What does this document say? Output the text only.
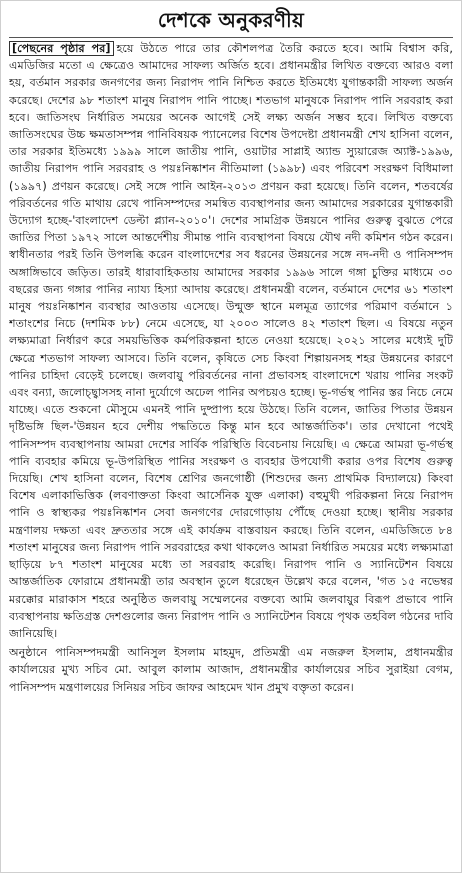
দেশকে অনুকরণীয়

[পেছনের পৃষ্ঠার পর] হয়ে উঠতে পারে তার কৌশলপত্র তৈরি করতে হবে। আমি বিশ্বাস করি, এমডিজির মতো এ ক্ষেত্রেও আমাদের সাফল্য অর্জিত হবে। প্রধানমন্ত্রীর লিখিত বক্তব্যে আরও বলা হয়, বর্তমান সরকার জনগণের জন্য নিরাপদ পানি নিশ্চিত করতে ইতিমধ্যে যুগান্তকারী সাফল্য অর্জন করেছে। দেশের ৯৮ শতাংশ মানুষ নিরাপদ পানি পাচ্ছে। শতভাগ মানুষকে নিরাপদ পানি সরবরাহ করা হবে। জাতিসংঘ নির্ধারিত সময়ের অনেক আগেই সেই লক্ষ্য অর্জন সম্ভব হবে। লিখিত বক্তব্যে জাতিসংঘের উচ্চ ক্ষমতাসম্পন্ন পানিবিষয়ক প্যানেলের বিশেষ উপদেষ্টা প্রধানমন্ত্রী শেখ হাসিনা বলেন, তার সরকার ইতিমধ্যে ১৯৯৯ সালে জাতীয় পানি, ওয়াটার সাপ্লাই অ্যান্ড স্যুয়ারেজ অ্যাক্ট-১৯৯৬, জাতীয় নিরাপদ পানি সরবরাহ ও পয়ঃনিষ্কাশন নীতিমালা (১৯৯৮) এবং পরিবেশ সংরক্ষণ বিধিমালা (১৯৯৭) প্রণয়ন করেছে। সেই সঙ্গে পানি আইন-২০১৩ প্রণয়ন করা হয়েছে। তিনি বলেন, শতবর্ষের পরিবর্তনের গতি মাথায় রেখে পানিসম্পদের সমন্বিত ব্যবস্থাপনার জন্য আমাদের সরকারের যুগান্তকারী উদ্যোগ হচ্ছে-'বাংলাদেশ ডেল্টা প্ল্যান-২০১০'। দেশের সামগ্রিক উন্নয়নে পানির গুরুত্ব বুঝতে পেরে জাতির পিতা ১৯৭২ সালে আন্তর্দেশীয় সীমান্ত পানি ব্যবস্থাপনা বিষয়ে যৌথ নদী কমিশন গঠন করেন। স্বাধীনতার পরই তিনি উপলব্ধি করেন বাংলাদেশের সব ধরনের উন্নয়নের সঙ্গে নদ-নদী ও পানিসম্পদ অঙ্গাঙ্গিভাবে জড়িত। তারই ধারাবাহিকতায় আমাদের সরকার ১৯৯৬ সালে গঙ্গা চুক্তির মাধ্যমে ৩০ বছরের জন্য গঙ্গার পানির ন্যায্য হিস্যা আদায় করেছে। প্রধানমন্ত্রী বলেন, বর্তমানে দেশের ৬১ শতাংশ মানুষ পয়ঃনিষ্কাশন ব্যবস্থার আওতায় এসেছে। উন্মুক্ত স্থানে মলমূত্র ত্যাগের পরিমাণ বর্তমানে ১ শতাংশের নিচে (দশমিক ৮৮) নেমে এসেছে, যা ২০০৩ সালেও ৪২ শতাংশ ছিল। এ বিষয়ে নতুন লক্ষ্যমাত্রা নির্ধারণ করে সময়ভিত্তিক কর্মপরিকল্পনা হাতে নেওয়া হয়েছে। ২০২১ সালের মধ্যেই দুটি ক্ষেত্রে শতভাগ সাফল্য আসবে। তিনি বলেন, কৃষিতে সেচ কিংবা শিল্পায়নসহ শহর উন্নয়নের কারণে পানির চাহিদা বেড়েই চলেছে। জলবায়ু পরিবর্তনের নানা প্রভাবসহ বাংলাদেশে খরায় পানির সংকট এবং বন্যা, জলোচ্ছ্বাসসহ নানা দুর্যোগে অঢেল পানির অপচয়ও হচ্ছে। ভূ-গর্ভস্থ পানির স্তর নিচে নেমে যাচ্ছে। এতে শুকনো মৌসুমে এমনই পানি দুষ্প্রাপ্য হয়ে উঠছে। তিনি বলেন, জাতির পিতার উন্নয়ন দৃষ্টিভঙ্গি ছিল-'উন্নয়ন হবে দেশীয় পদ্ধতিতে কিন্তু মান হবে আন্তর্জাতিক'। তার দেখানো পথেই পানিসম্পদ ব্যবস্থাপনায় আমরা দেশের সার্বিক পরিস্থিতি বিবেচনায় নিয়েছি। এ ক্ষেত্রে আমরা ভূ-গর্ভস্থ পানি ব্যবহার কমিয়ে ভূ-উপরিস্থিত পানির সংরক্ষণ ও ব্যবহার উপযোগী করার ওপর বিশেষ গুরুত্ব দিয়েছি। শেখ হাসিনা বলেন, বিশেষ শ্রেণির জনগোষ্ঠী (শিশুদের জন্য প্রাথমিক বিদ্যালয়ে) কিংবা বিশেষ এলাকাভিত্তিক (লবণাক্ততা কিংবা আর্সেনিক যুক্ত এলাকা) বহুমুখী পরিকল্পনা নিয়ে নিরাপদ পানি ও স্বাস্থ্যকর পয়ঃনিষ্কাশন সেবা জনগণের দোরগোড়ায় পৌঁছে দেওয়া হচ্ছে। স্থানীয় সরকার মন্ত্রণালয় দক্ষতা এবং দ্রুততার সঙ্গে এই কার্যক্রম বাস্তবায়ন করছে। তিনি বলেন, এমডিজিতে ৮৪ শতাংশ মানুষের জন্য নিরাপদ পানি সরবরাহের কথা থাকলেও আমরা নির্ধারিত সময়ের মধ্যে লক্ষ্যমাত্রা ছাড়িয়ে ৮৭ শতাংশ মানুষের মধ্যে তা সরবরাহ করেছি। নিরাপদ পানি ও স্যানিটেশন বিষয়ে আন্তর্জাতিক ফোরামে প্রধানমন্ত্রী তার অবস্থান তুলে ধরেছেন উল্লেখ করে বলেন, 'গত ১৫ নভেম্বর মরক্কোর মারাকাস শহরে অনুষ্ঠিত জলবায়ু সম্মেলনের বক্তব্যে আমি জলবায়ুর বিরূপ প্রভাবে পানি ব্যবস্থাপনায় ক্ষতিগ্রস্ত দেশগুলোর জন্য নিরাপদ পানি ও স্যানিটেশন বিষয়ে পৃথক তহবিল গঠনের দাবি জানিয়েছি।

অনুষ্ঠানে পানিসম্পদমন্ত্রী আনিসুল ইসলাম মাহমুদ, প্রতিমন্ত্রী এম নজরুল ইসলাম, প্রধানমন্ত্রীর কার্যালয়ের মুখ্য সচিব মো. আবুল কালাম আজাদ, প্রধানমন্ত্রীর কার্যালয়ের সচিব সুরাইয়া বেগম, পানিসম্পদ মন্ত্রণালয়ের সিনিয়র সচিব জাফর আহমেদ খান প্রমুখ বক্তৃতা করেন।
